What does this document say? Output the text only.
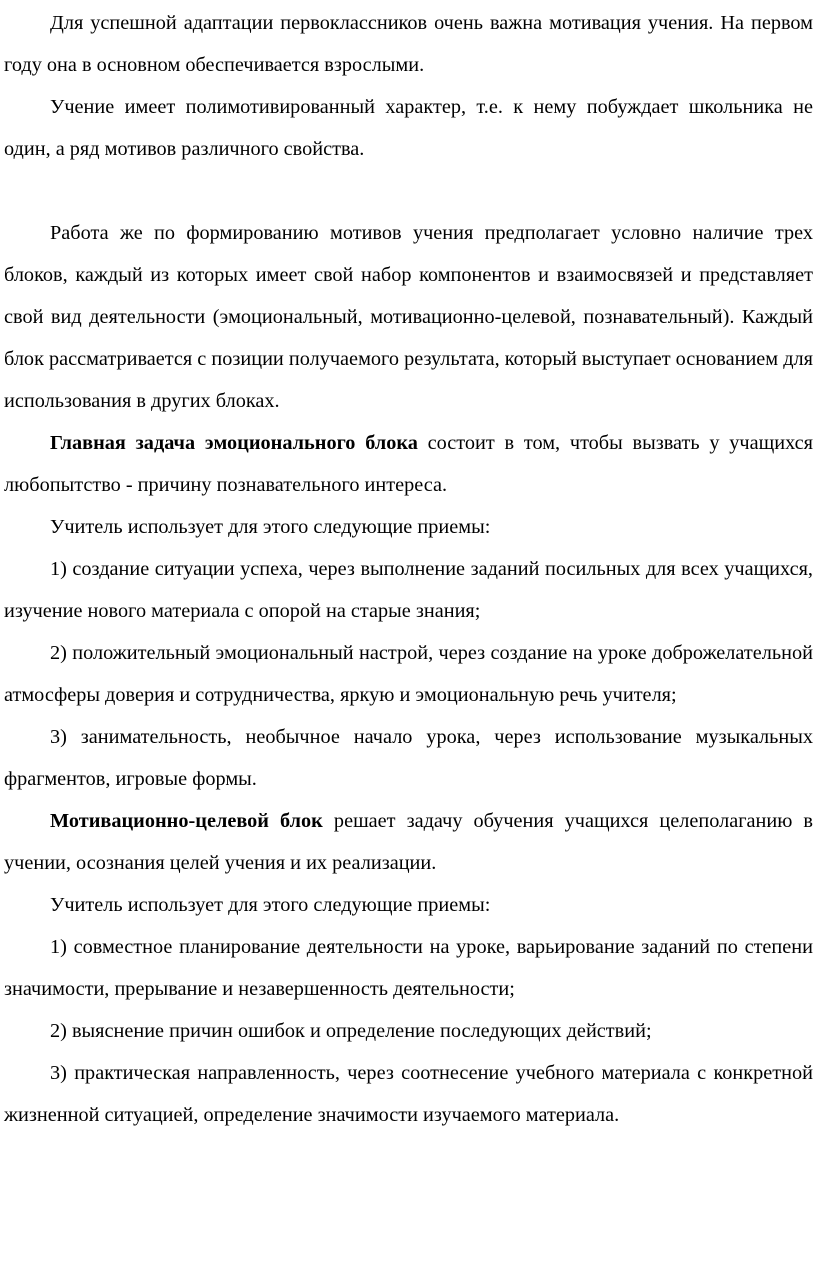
Для успешной адаптации первоклассников очень важна мотивация учения. На первом году она в основном обеспечивается взрослыми.

Учение имеет полимотивированный характер, т.е. к нему побуждает школьника не один, а ряд мотивов различного свойства.

Работа же по формированию мотивов учения предполагает условно наличие трех блоков, каждый из которых имеет свой набор компонентов и взаимосвязей и представляет свой вид деятельности (эмоциональный, мотивационно-целевой, познавательный). Каждый блок рассматривается с позиции получаемого результата, который выступает основанием для использования в других блоках.

Главная задача эмоционального блока состоит в том, чтобы вызвать у учащихся любопытство - причину познавательного интереса.

Учитель использует для этого следующие приемы:

1) создание ситуации успеха, через выполнение заданий посильных для всех учащихся, изучение нового материала с опорой на старые знания;

2) положительный эмоциональный настрой, через создание на уроке доброжелательной атмосферы доверия и сотрудничества, яркую и эмоциональную речь учителя;

3) занимательность, необычное начало урока, через использование музыкальных фрагментов, игровые формы.

Мотивационно-целевой блок решает задачу обучения учащихся целеполаганию в учении, осознания целей учения и их реализации.

Учитель использует для этого следующие приемы:

1) совместное планирование деятельности на уроке, варьирование заданий по степени значимости, прерывание и незавершенность деятельности;

2) выяснение причин ошибок и определение последующих действий;

3) практическая направленность, через соотнесение учебного материала с конкретной жизненной ситуацией, определение значимости изучаемого материала.
